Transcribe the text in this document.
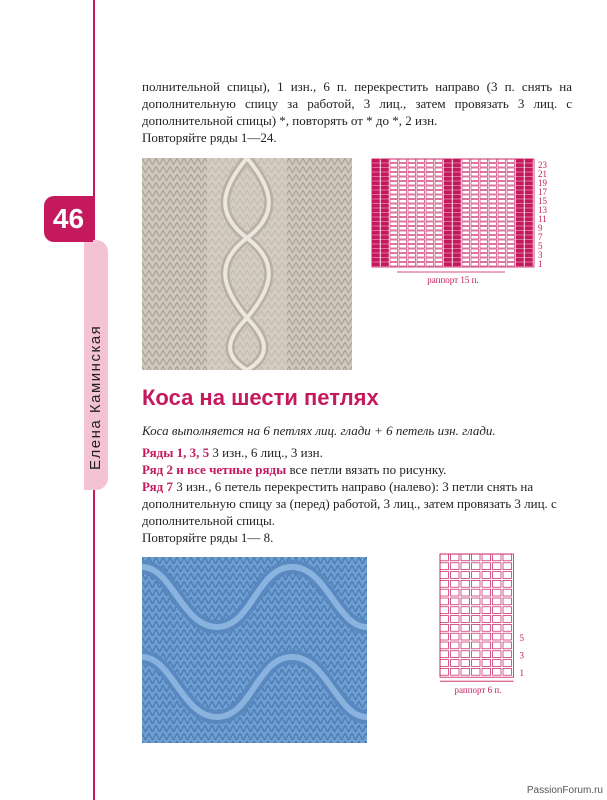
46
Елена Каминская
полнительной спицы), 1 изн., 6 п. перекрестить направо (3 п. снять на дополнительную спицу за работой, 3 лиц., затем провязать 3 лиц. с дополнительной спицы) *, повторять от * до *, 2 изн.
Повторяйте ряды 1—24.
23
21
19
17
15
13
11
9
7
5
3
1
раппорт 15 п.
Коса на шести петлях

Коса выполняется на 6 петлях лиц. глади + 6 петель изн. глади.

Ряды 1, 3, 5 3 изн., 6 лиц., 3 изн.

Ряд 2 и все четные ряды все петли вязать по рисунку.

Ряд 7 3 изн., 6 петель перекрестить направо (налево): 3 петли снять на дополнительную спицу за (перед) работой, 3 лиц., затем провязать 3 лиц. с дополнительной спицы.

Повторяйте ряды 1— 8.

5
3
1
раппорт 6 п.
PassionForum.ru
